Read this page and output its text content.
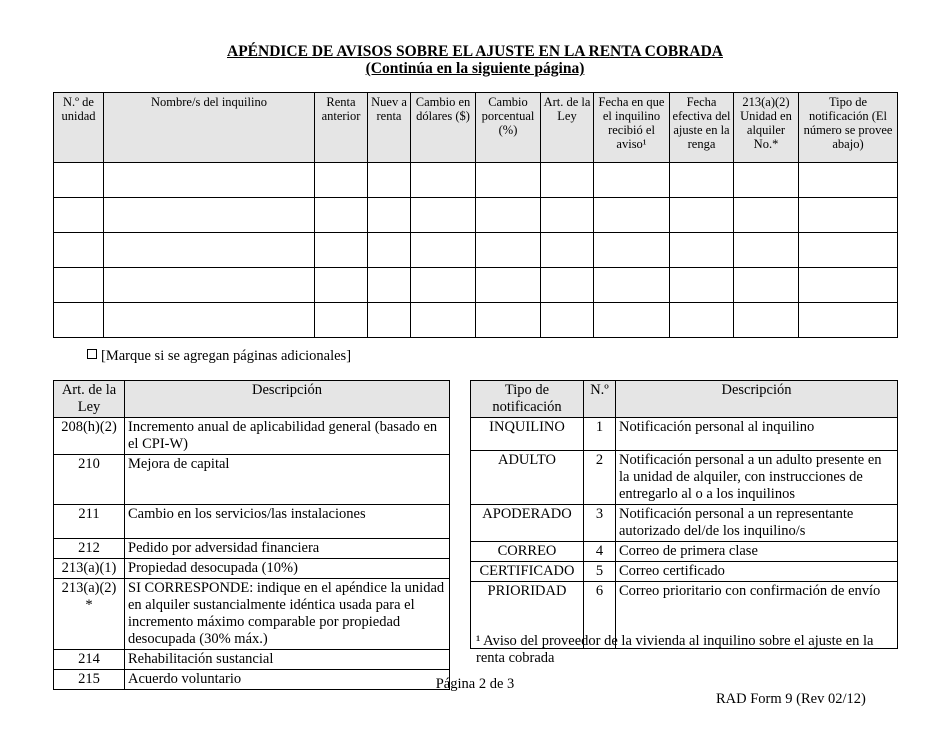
APÉNDICE DE AVISOS SOBRE EL AJUSTE EN LA RENTA COBRADA
(Continúa en la siguiente página)
N.º de unidad	Nombre/s del inquilino	Renta anterior	Nuev a renta	Cambio en dólares ($)	Cambio porcentual (%)	Art. de la Ley	Fecha en que el inquilino recibió el aviso¹	Fecha efectiva del ajuste en la renga	213(a)(2) Unidad en alquiler No.*	Tipo de notificación (El número se provee abajo)

[Marque si se agregan páginas adicionales]
Art. de la Ley	Descripción
208(h)(2)	Incremento anual de aplicabilidad general (basado en el CPI-W)
210	Mejora de capital
211	Cambio en los servicios/las instalaciones
212	Pedido por adversidad financiera
213(a)(1)	Propiedad desocupada (10%)
213(a)(2) *	SI CORRESPONDE: indique en el apéndice la unidad en alquiler sustancialmente idéntica usada para el incremento máximo comparable por propiedad desocupada (30% máx.)
214	Rehabilitación sustancial
215	Acuerdo voluntario
Tipo de notificación	N.º	Descripción
INQUILINO	1	Notificación personal al inquilino
ADULTO	2	Notificación personal a un adulto presente en la unidad de alquiler, con instrucciones de entregarlo al o a los inquilinos
APODERADO	3	Notificación personal a un representante autorizado del/de los inquilino/s
CORREO	4	Correo de primera clase
CERTIFICADO	5	Correo certificado
PRIORIDAD	6	Correo prioritario con confirmación de envío
¹ Aviso del proveedor de la vivienda al inquilino sobre el ajuste en la renta cobrada
Página 2 de 3
RAD Form 9 (Rev 02/12)
